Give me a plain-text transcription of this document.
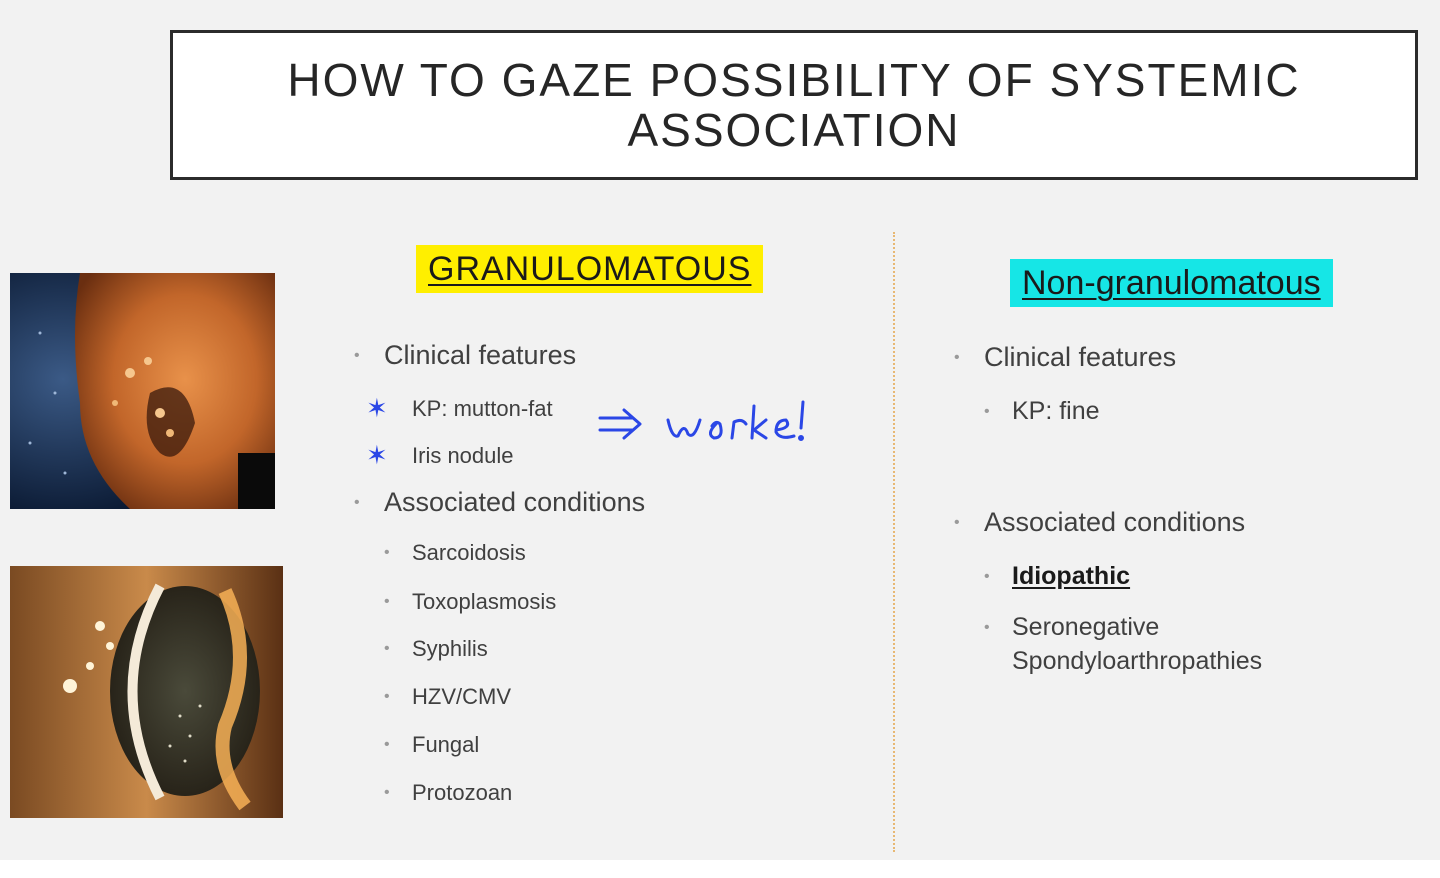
HOW TO GAZE POSSIBILITY OF SYSTEMIC
ASSOCIATION
GRANULOMATOUS
• Clinical features
✶	KP: mutton-fat
✶	Iris nodule
• Associated conditions
•	Sarcoidosis
•	Toxoplasmosis
•	Syphilis
•	HZV/CMV
•	Fungal
•	Protozoan
Non-granulomatous
• Clinical features
• KP: fine
• Associated conditions
• Idiopathic
• Seronegative
Spondyloarthropathies
